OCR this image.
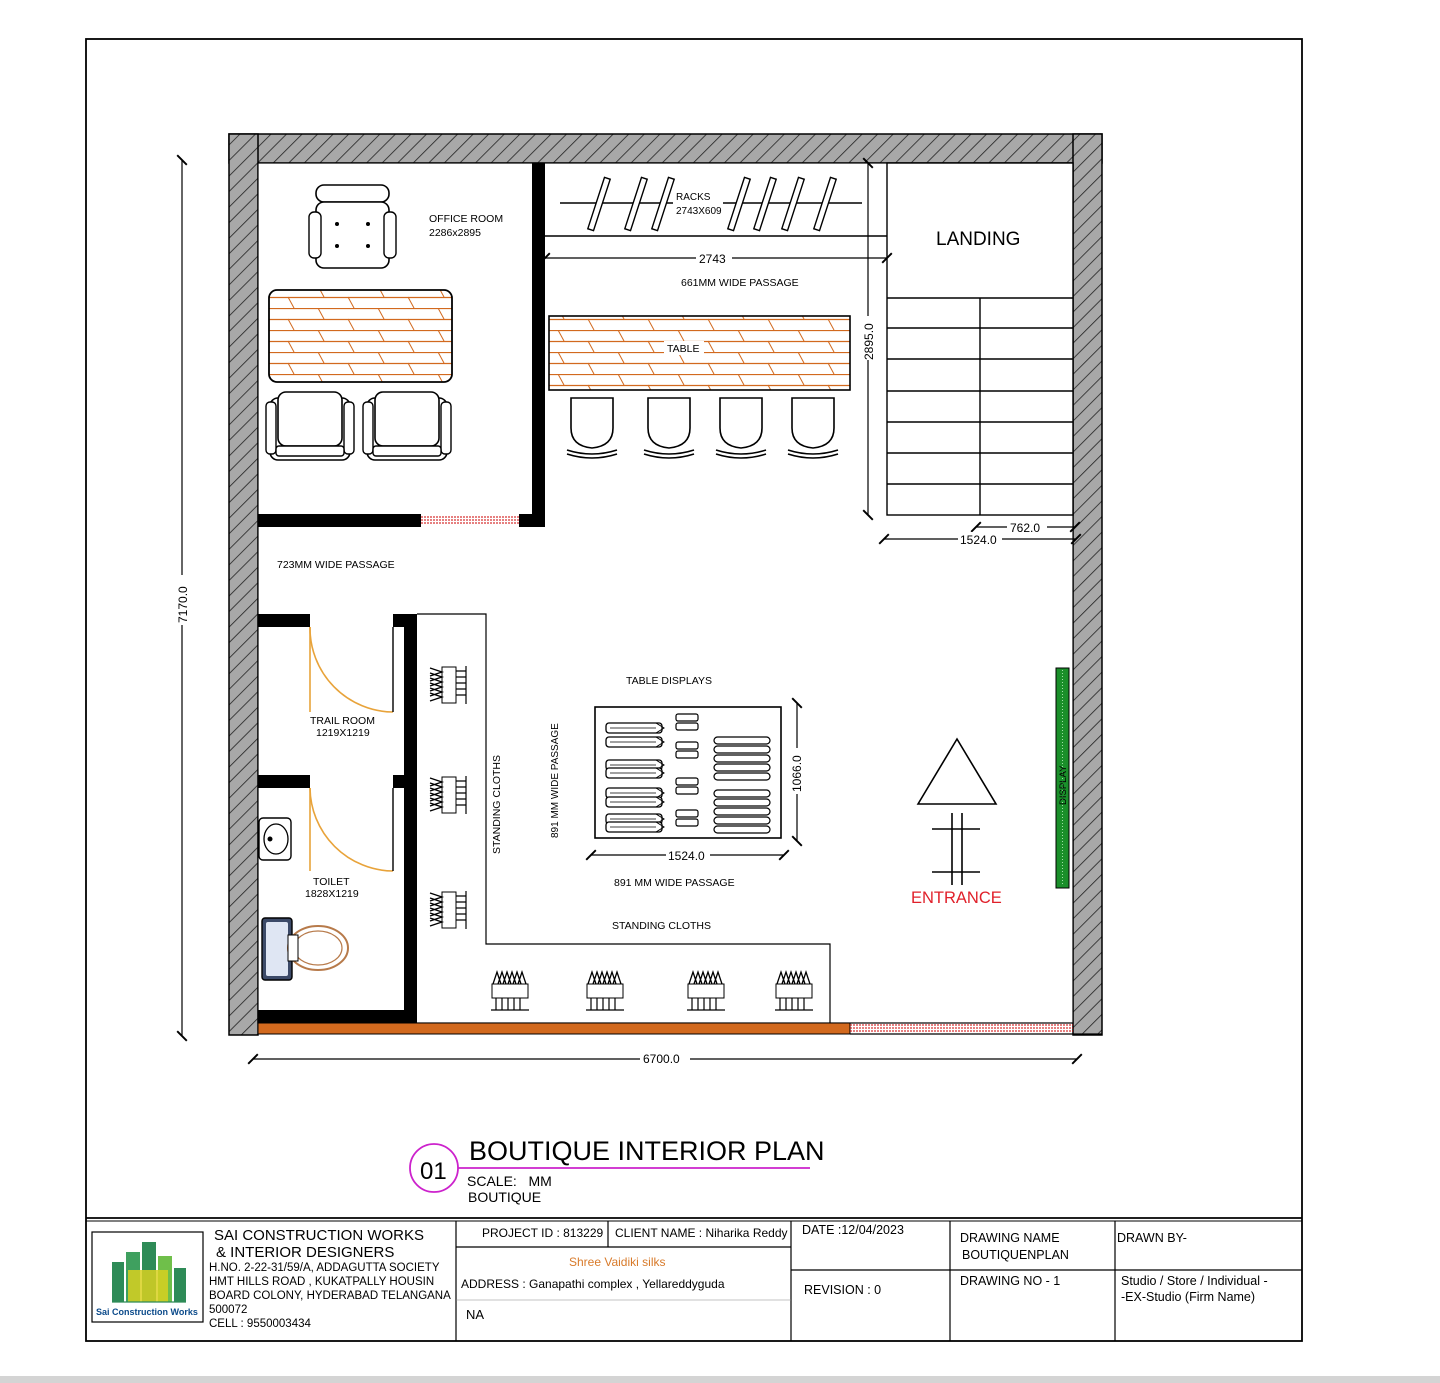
OFFICE ROOM
2286x2895
RACKS
2743X609
661MM WIDE PASSAGE
2743
TABLE
LANDING
2895.0
762.0
1524.0
723MM WIDE PASSAGE
7170.0
TRAIL ROOM
1219X1219
TOILET
1828X1219
STANDING CLOTHS	891 MM WIDE PASSAGE
TABLE DISPLAYS
1066.0
1524.0
891 MM WIDE PASSAGE
STANDING CLOTHS
DISPLAY
ENTRANCE
6700.0
01
BOUTIQUE INTERIOR PLAN
SCALE:   MM
BOUTIQUE
Sai Construction Works
SAI CONSTRUCTION WORKS
& INTERIOR DESIGNERS
H.NO. 2-22-31/59/A, ADDAGUTTA SOCIETY
HMT HILLS ROAD , KUKATPALLY HOUSIN
BOARD COLONY, HYDERABAD TELANGANA
500072
CELL : 9550003434
PROJECT ID : 813229 CLIENT NAME : Niharika Reddy
Shree Vaidiki silks
ADDRESS : Ganapathi complex , Yellareddyguda
NA
DATE :12/04/2023
REVISION : 0
DRAWING NAME
BOUTIQUENPLAN
DRAWING NO - 1
DRAWN BY-
Studio / Store / Individual -
-EX-Studio (Firm Name)
